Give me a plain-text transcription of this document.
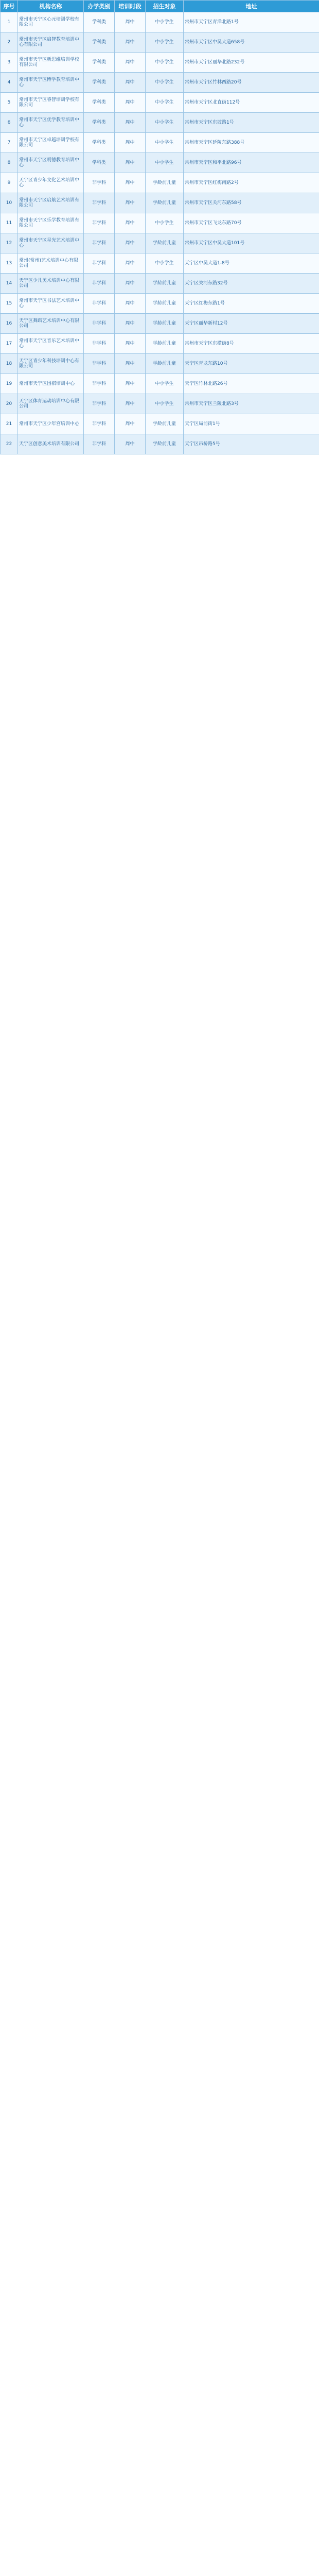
序号	机构名称	办学类别	培训时段	招生对象	地址
1	常州市天宁区心元培训学校有限公司	学科类	周中	中小学生	常州市天宁区青洋北路1号
2	常州市天宁区启智教育培训中心有限公司	学科类	周中	中小学生	常州市天宁区中吴大道658号
3	常州市天宁区新思维培训学校有限公司	学科类	周中	中小学生	常州市天宁区丽华北路232号
4	常州市天宁区博学教育培训中心	学科类	周中	中小学生	常州市天宁区竹林西路20号
5	常州市天宁区睿智培训学校有限公司	学科类	周中	中小学生	常州市天宁区北直街112号
6	常州市天宁区优学教育培训中心	学科类	周中	中小学生	常州市天宁区东坡路1号
7	常州市天宁区卓越培训学校有限公司	学科类	周中	中小学生	常州市天宁区延陵东路388号
8	常州市天宁区明德教育培训中心	学科类	周中	中小学生	常州市天宁区和平北路96号
9	天宁区青少年文化艺术培训中心	非学科	周中	学龄前儿童	常州市天宁区红梅南路2号
10	常州市天宁区启航艺术培训有限公司	非学科	周中	学龄前儿童	常州市天宁区关河东路58号
11	常州市天宁区乐学教育培训有限公司	非学科	周中	中小学生	常州市天宁区飞龙东路70号
12	常州市天宁区星光艺术培训中心	非学科	周中	学龄前儿童	常州市天宁区中吴大道101号
13	常州(常州)艺术培训中心有限公司	非学科	周中	中小学生	天宁区中吴大道1-8号
14	天宁区少儿美术培训中心有限公司	非学科	周中	学龄前儿童	天宁区关河东路32号
15	常州市天宁区书法艺术培训中心	非学科	周中	学龄前儿童	天宁区红梅东路1号
16	天宁区舞蹈艺术培训中心有限公司	非学科	周中	学龄前儿童	天宁区丽华新村12号
17	常州市天宁区音乐艺术培训中心	非学科	周中	学龄前儿童	常州市天宁区东横街8号
18	天宁区青少年科技培训中心有限公司	非学科	周中	学龄前儿童	天宁区青龙东路10号
19	常州市天宁区围棋培训中心	非学科	周中	中小学生	天宁区竹林北路26号
20	天宁区体育运动培训中心有限公司	非学科	周中	中小学生	常州市天宁区兰陵北路3号
21	常州市天宁区少年宫培训中心	非学科	周中	学龄前儿童	天宁区局前街1号
22	天宁区创意美术培训有限公司	非学科	周中	学龄前儿童	天宁区吊桥路5号
